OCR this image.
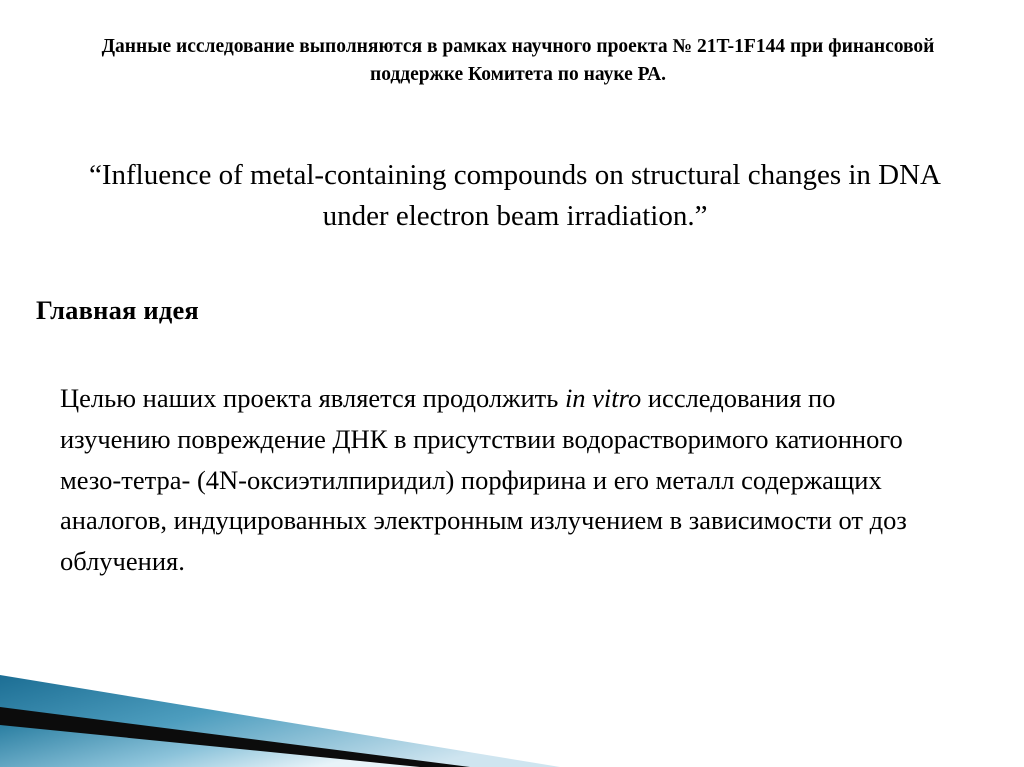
Данные исследование выполняются в рамках научного проекта № 21T-1F144 при финансовой поддержке Комитета по науке РА.
“Influence of metal-containing compounds on structural changes in DNA under electron beam irradiation.”
Главная идея
Целью наших проекта является продолжить in vitro исследования по изучению повреждение ДНК в присутствии водорастворимого катионного мезо-тетра- (4N-оксиэтилпиридил) порфирина и его металл содержащих аналогов, индуцированных электронным излучением в зависимости от доз облучения.
